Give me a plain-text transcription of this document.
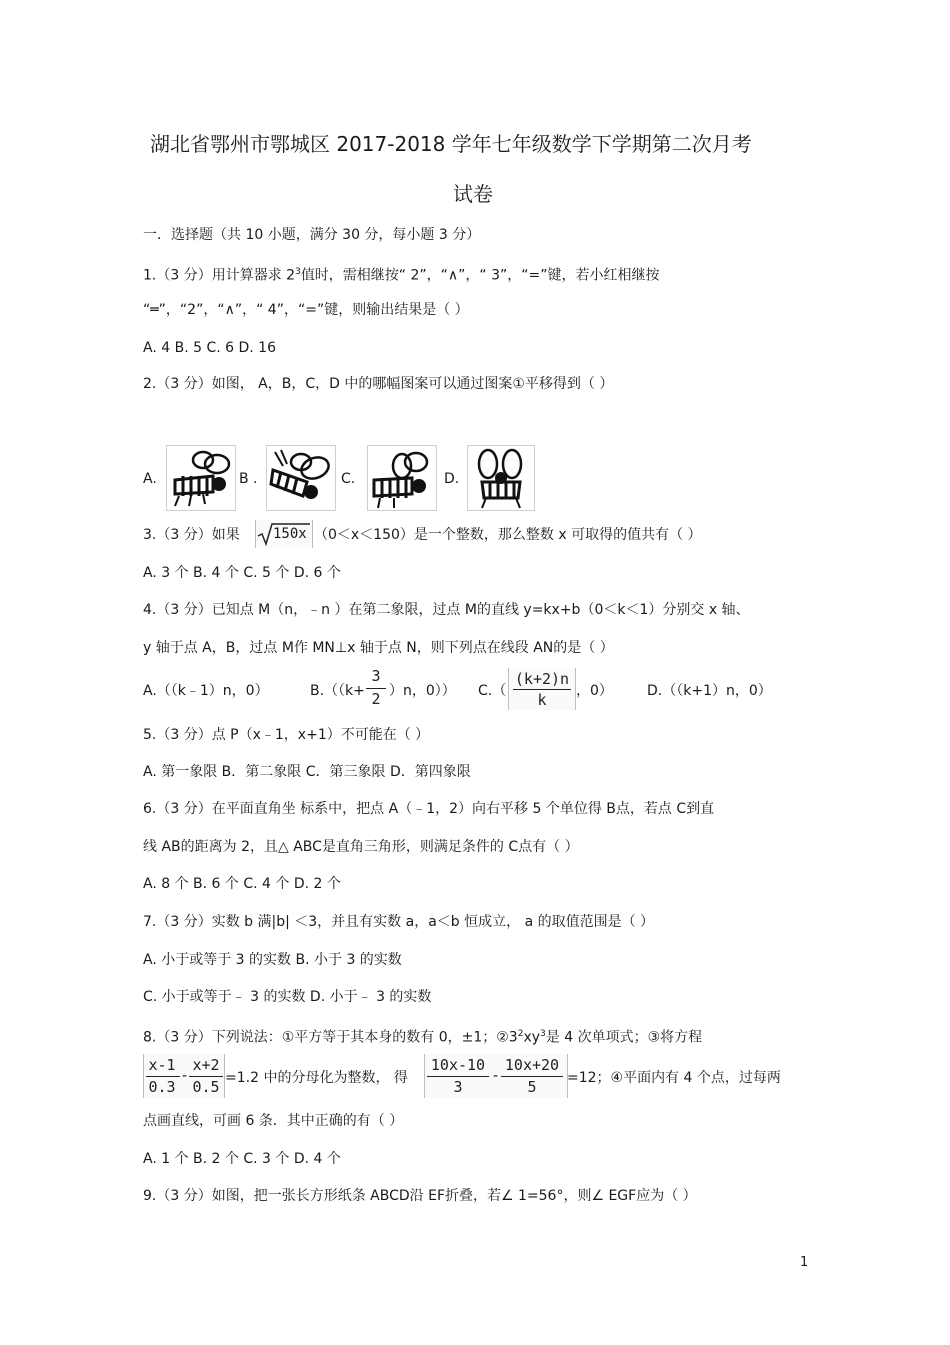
湖北省鄂州市鄂城区 2017-2018 学年七年级数学下学期第二次月考
试卷
一．选择题（共 10 小题，满分 30 分，每小题 3 分）
1.（3 分）用计算器求 $2^3$值时，需相继按“ 2”，“∧”，“ 3”，“=”键，若小红相继按
“═”，“2”，“∧”，“ 4”，“=”键，则输出结果是（ ）
A. 4 B. 5 C. 6 D. 16
2.（3 分）如图， A，B，C，D 中的哪幅图案可以通过图案①平移得到（ ）
A.	B .	C.	D.
3.（3 分）如果 150x （0＜x＜150）是一个整数，那么整数 x 可取得的值共有（ ）
A. 3 个 B. 4 个 C. 5 个 D. 6 个
4.（3 分）已知点 M（n，﹣n ）在第二象限，过点 M的直线 y=kx+b（0＜k＜1）分别交 x 轴、
y 轴于点 A，B，过点 M作 MN⊥x 轴于点 N，则下列点在线段 AN的是（ ）
A.（（k﹣1）n，0）	B.（（k+
3
2 ）n，0）） C.（
(k+2)n
k	，0） D.（（k+1）n，0）
5.（3 分）点 P（x﹣1，x+1）不可能在（ ）
A. 第一象限 B．第二象限 C．第三象限 D．第四象限
6.（3 分）在平面直角坐 标系中，把点 A（﹣1，2）向右平移 5 个单位得 B点，若点 C到直
线 AB的距离为 2，且△ ABC是直角三角形，则满足条件的 C点有（ ）
A. 8 个 B. 6 个 C. 4 个 D. 2 个
7.（3 分）实数 b 满|b| ＜3，并且有实数 a，a＜b 恒成立， a 的取值范围是（ ）
A. 小于或等于 3 的实数 B. 小于 3 的实数
C. 小于或等于﹣ 3 的实数 D. 小于﹣ 3 的实数
8.（3 分）下列说法：①平方等于其本身的数有 0，±1；$②3^2xy^3$是 4 次单项式；③将方程
x-1
0.3
-
x+2
0.5 =1.2 中的分母化为整数， 得
10x-10
3
-
10x+20
5	=12；④平面内有 4 个点，过每两
点画直线，可画 6 条．其中正确的有（ ）
A. 1 个 B. 2 个 C. 3 个 D. 4 个
9.（3 分）如图，把一张长方形纸条 ABCD沿 EF折叠，若∠ 1=56°，则∠ EGF应为（ ）
1
